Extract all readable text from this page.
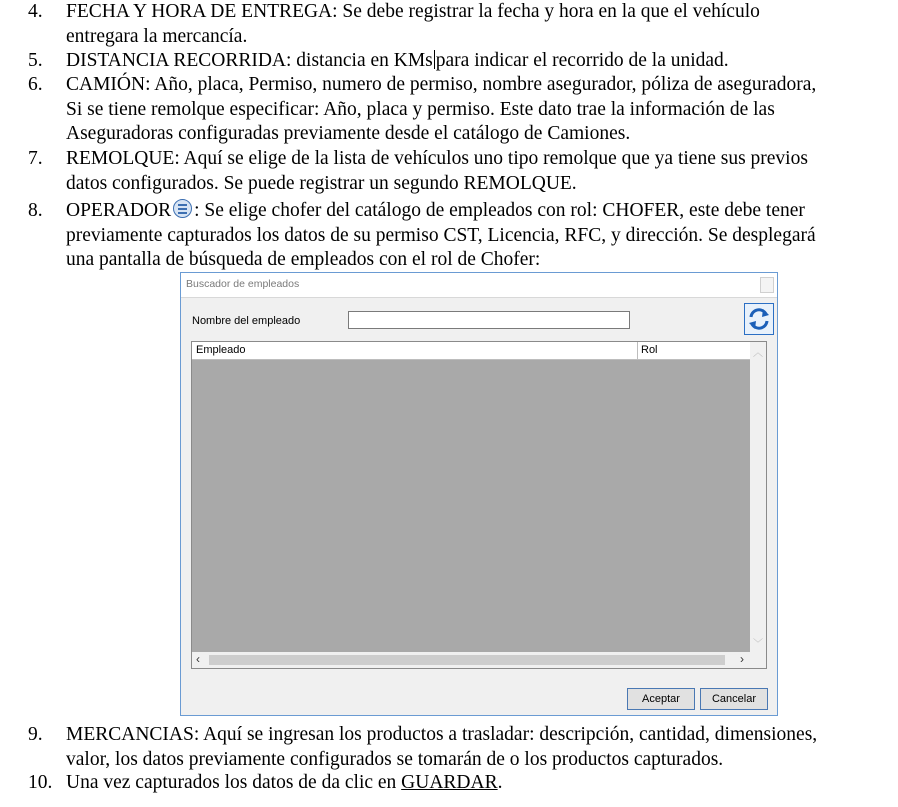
4.	FECHA Y HORA DE ENTREGA: Se debe registrar la fecha y hora en la que el vehículo
entregara la mercancía.
5.	DISTANCIA RECORRIDA: distancia en KMs para indicar el recorrido de la unidad.
6.	CAMIÓN: Año, placa, Permiso, numero de permiso, nombre asegurador, póliza de aseguradora,
Si se tiene remolque especificar: Año, placa y permiso. Este dato trae la información de las
Aseguradoras configuradas previamente desde el catálogo de Camiones.
7.	REMOLQUE: Aquí se elige de la lista de vehículos uno tipo remolque que ya tiene sus previos
datos configurados. Se puede registrar un segundo REMOLQUE.
8.	OPERADOR : Se elige chofer del catálogo de empleados con rol: CHOFER, este debe tener
previamente capturados los datos de su permiso CST, Licencia, RFC, y dirección. Se desplegará
una pantalla de búsqueda de empleados con el rol de Chofer:
Buscador de empleados
Nombre del empleado
Empleado	Rol	︿
﹀
‹	›
Aceptar	Cancelar
9.	MERCANCIAS: Aquí se ingresan los productos a trasladar: descripción, cantidad, dimensiones,
valor, los datos previamente configurados se tomarán de o los productos capturados.
10. Una vez capturados los datos de da clic en GUARDAR.
